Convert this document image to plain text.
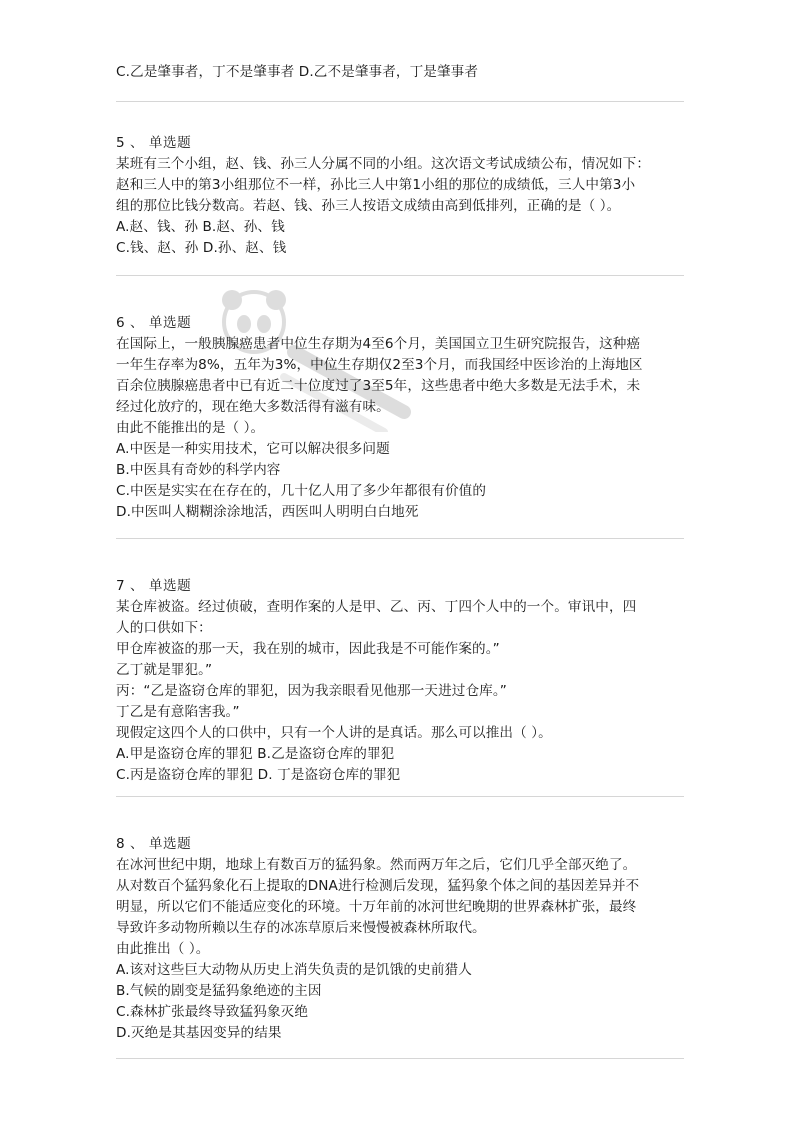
C.乙是肇事者，丁不是肇事者 D.乙不是肇事者，丁是肇事者
5 、 单选题
某班有三个小组，赵、钱、孙三人分属不同的小组。这次语文考试成绩公布，情况如下：
赵和三人中的第3小组那位不一样，孙比三人中第1小组的那位的成绩低，三人中第3小
组的那位比钱分数高。若赵、钱、孙三人按语文成绩由高到低排列，正确的是（ ）。
A.赵、钱、孙 B.赵、孙、钱
C.钱、赵、孙 D.孙、赵、钱
6 、 单选题
在国际上，一般胰腺癌患者中位生存期为4至6个月，美国国立卫生研究院报告，这种癌
一年生存率为8%，五年为3%，中位生存期仅2至3个月，而我国经中医诊治的上海地区
百余位胰腺癌患者中已有近二十位度过了3至5年，这些患者中绝大多数是无法手术，未
经过化放疗的，现在绝大多数活得有滋有味。
由此不能推出的是（ ）。
A.中医是一种实用技术，它可以解决很多问题
B.中医具有奇妙的科学内容
C.中医是实实在在存在的，几十亿人用了多少年都很有价值的
D.中医叫人糊糊涂涂地活，西医叫人明明白白地死
7 、 单选题
某仓库被盗。经过侦破，查明作案的人是甲、乙、丙、丁四个人中的一个。审讯中，四
人的口供如下：
甲仓库被盗的那一天，我在别的城市，因此我是不可能作案的。”
乙丁就是罪犯。”
丙：“乙是盗窃仓库的罪犯，因为我亲眼看见他那一天进过仓库。”
丁乙是有意陷害我。”
现假定这四个人的口供中，只有一个人讲的是真话。那么可以推出（ ）。
A.甲是盗窃仓库的罪犯 B.乙是盗窃仓库的罪犯
C.丙是盗窃仓库的罪犯 D. 丁是盗窃仓库的罪犯
8 、 单选题
在冰河世纪中期，地球上有数百万的猛犸象。然而两万年之后，它们几乎全部灭绝了。
从对数百个猛犸象化石上提取的DNA进行检测后发现，猛犸象个体之间的基因差异并不
明显，所以它们不能适应变化的环境。十万年前的冰河世纪晚期的世界森林扩张，最终
导致许多动物所赖以生存的冰冻草原后来慢慢被森林所取代。
由此推出（ ）。
A.该对这些巨大动物从历史上消失负责的是饥饿的史前猎人
B.气候的剧变是猛犸象绝迹的主因
C.森林扩张最终导致猛犸象灭绝
D.灭绝是其基因变异的结果
